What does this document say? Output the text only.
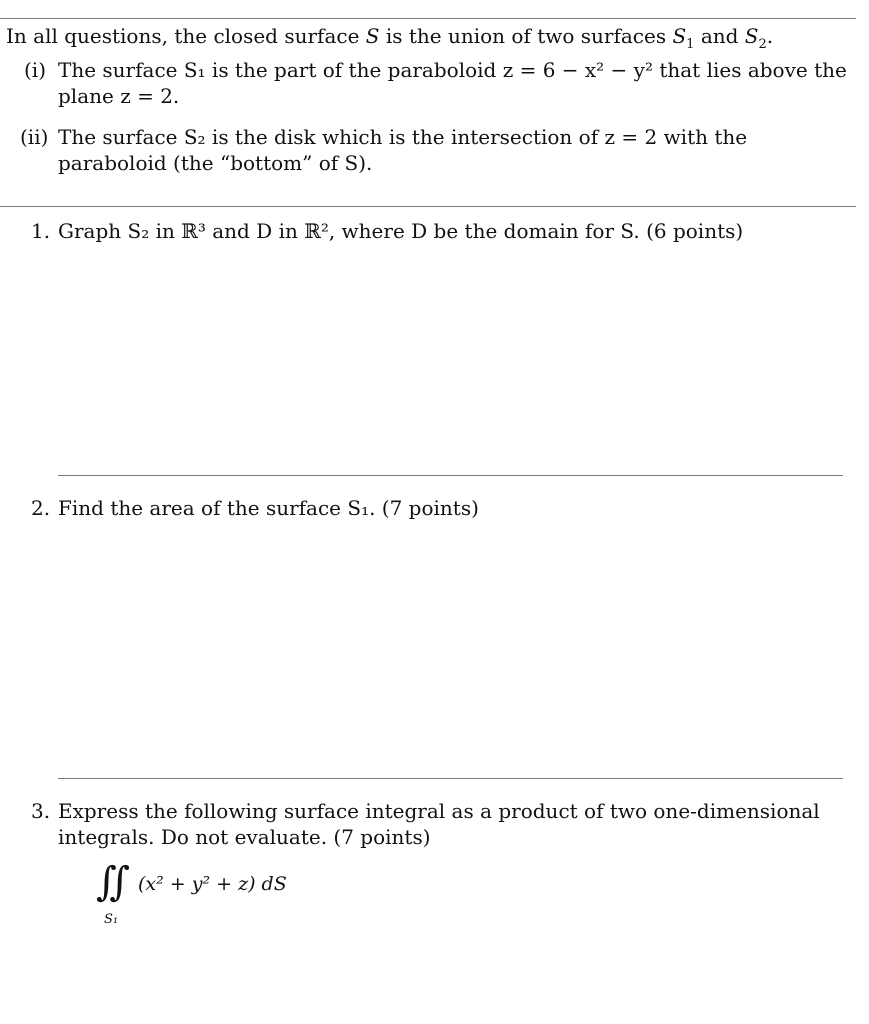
In all questions, the closed surface S is the union of two surfaces $S_1$ and $S_2$.
(i) The surface S₁ is the part of the paraboloid z = 6 − x² − y² that lies above the
plane z = 2.
(ii) The surface S₂ is the disk which is the intersection of z = 2 with the
paraboloid (the “bottom” of S).
1. Graph S₂ in ℝ³ and D in ℝ², where D be the domain for S. (6 points)
2. Find the area of the surface S₁. (7 points)
3. Express the following surface integral as a product of two one-dimensional
integrals. Do not evaluate. (7 points)
∬ (x² + y² + z) dS
S₁
